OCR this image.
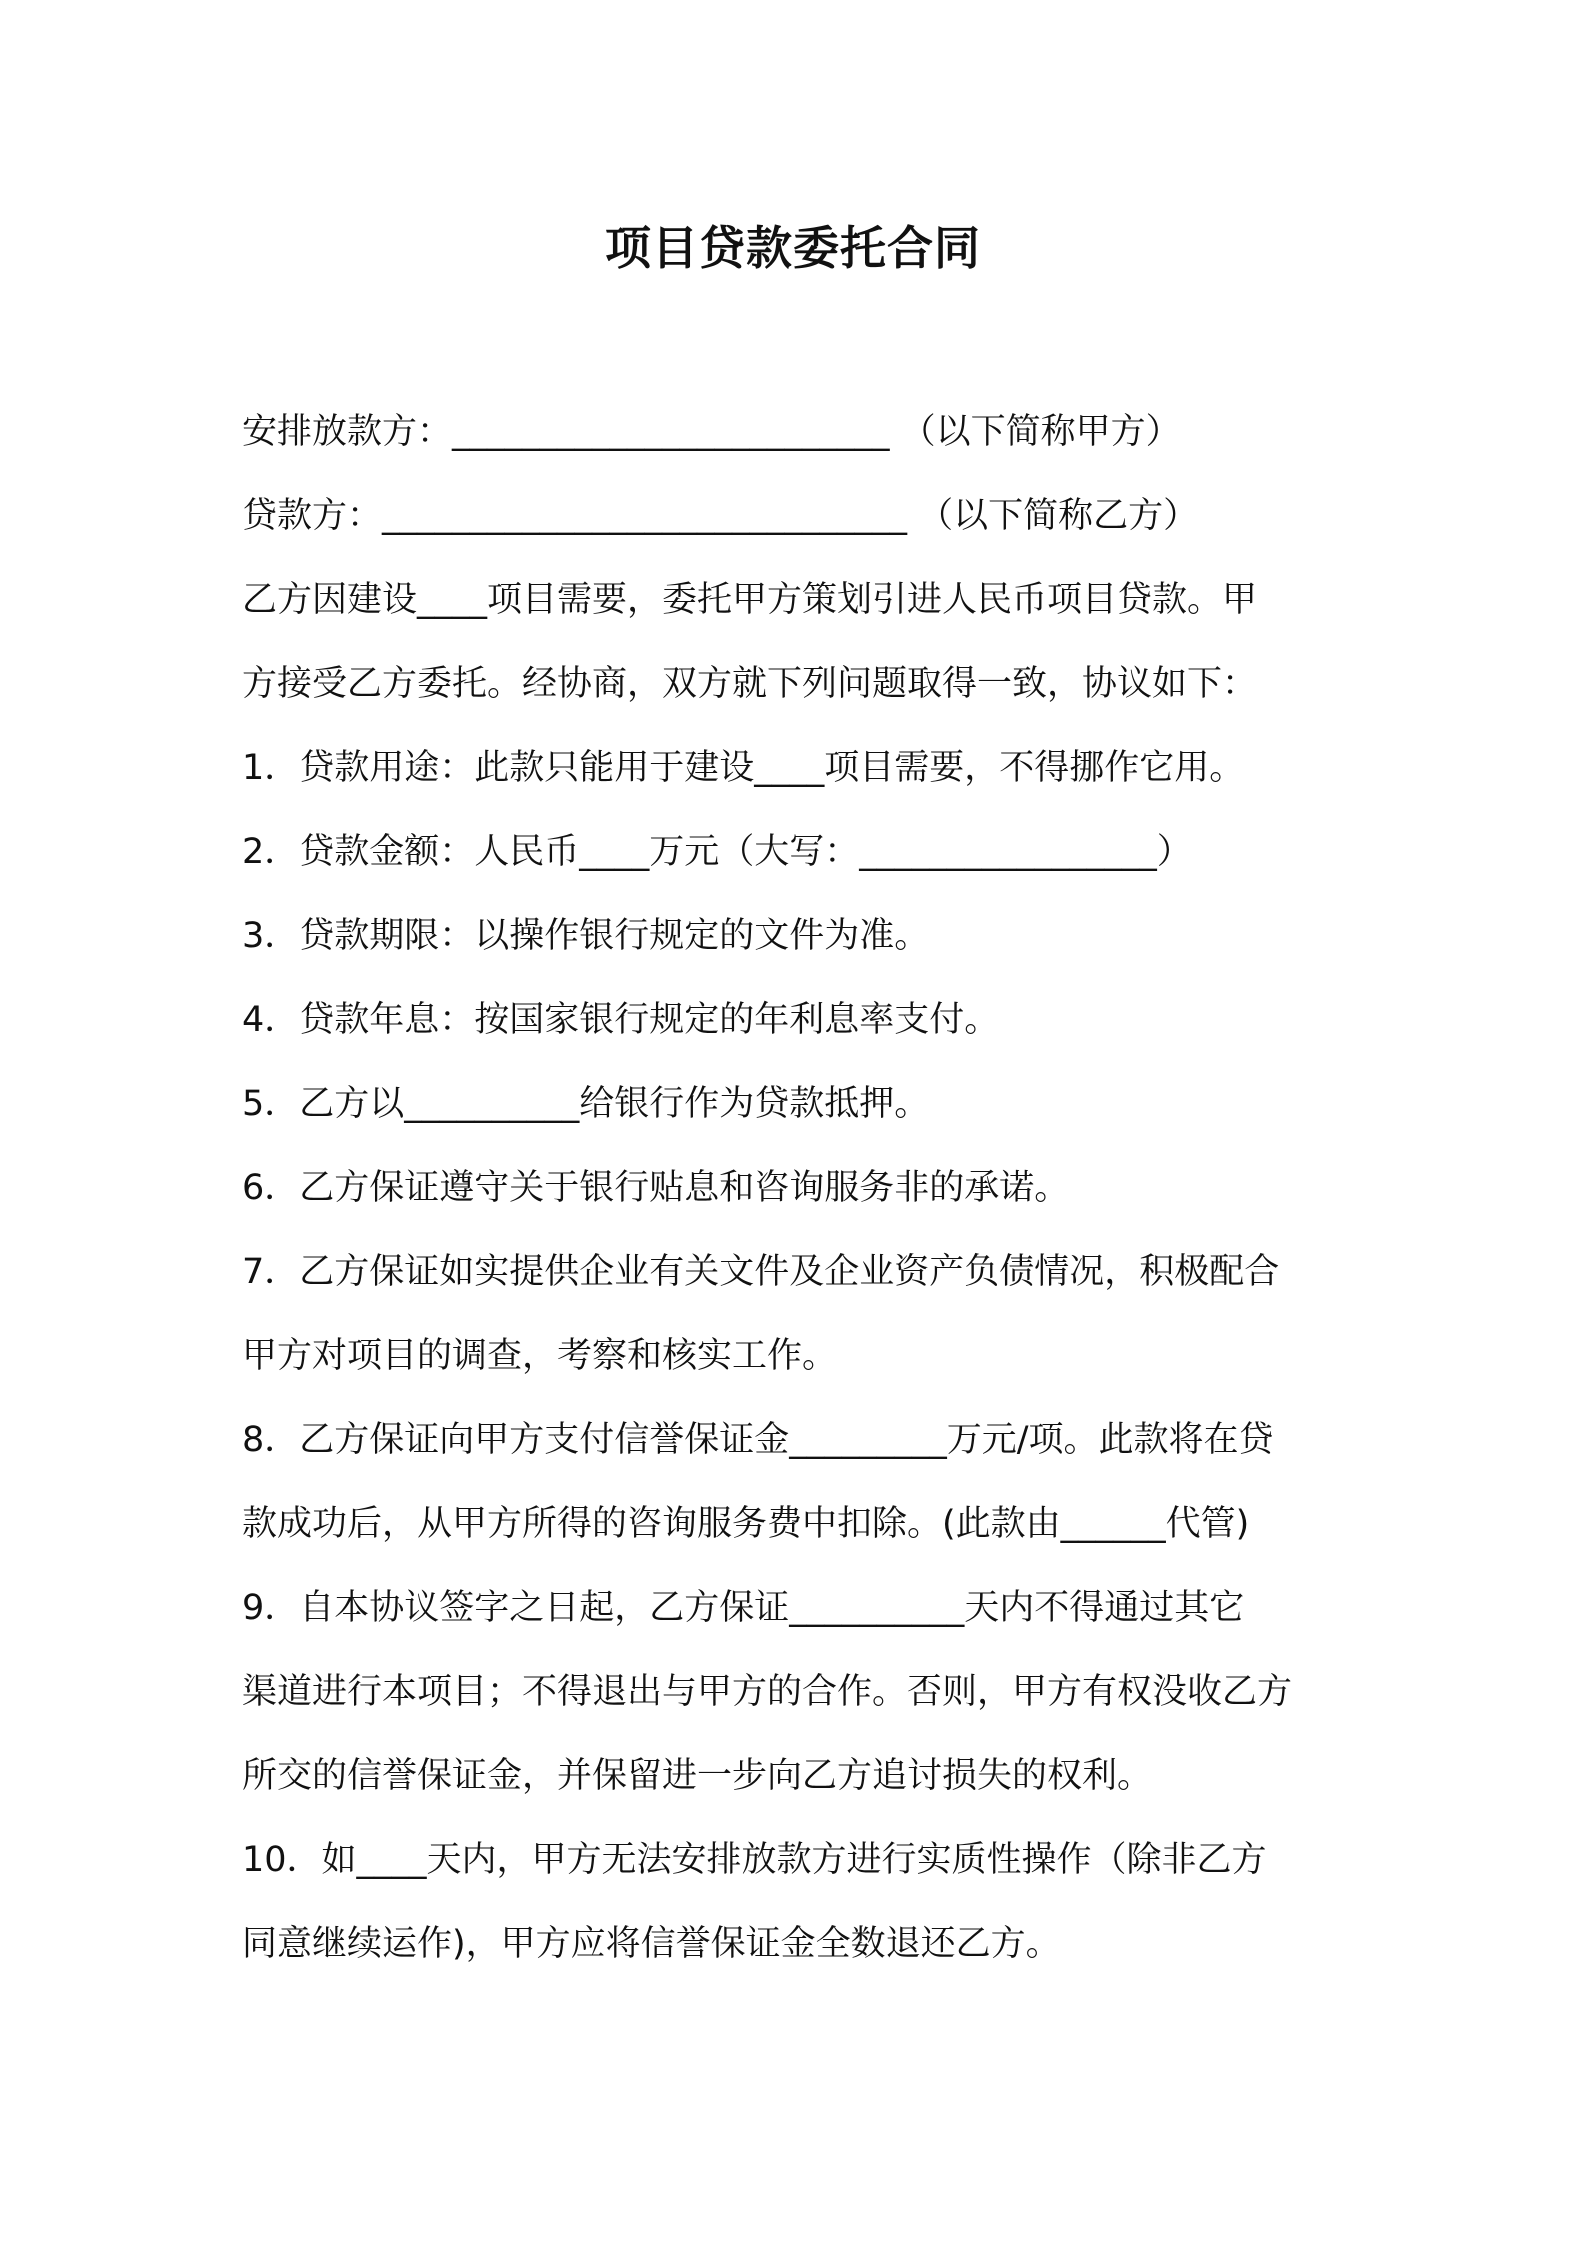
项目贷款委托合同
安排放款方：_________________________ （以下简称甲方）
贷款方：______________________________ （以下简称乙方）
乙方因建设____项目需要，委托甲方策划引进人民币项目贷款。甲
方接受乙方委托。经协商，双方就下列问题取得一致，协议如下：
1．贷款用途：此款只能用于建设____项目需要，不得挪作它用。
2．贷款金额：人民币____万元（大写：_________________）
3．贷款期限：以操作银行规定的文件为准。
4．贷款年息：按国家银行规定的年利息率支付。
5．乙方以__________给银行作为贷款抵押。
6．乙方保证遵守关于银行贴息和咨询服务非的承诺。
7．乙方保证如实提供企业有关文件及企业资产负债情况，积极配合
甲方对项目的调查，考察和核实工作。
8．乙方保证向甲方支付信誉保证金_________万元/项。此款将在贷
款成功后，从甲方所得的咨询服务费中扣除。(此款由______代管)
9．自本协议签字之日起，乙方保证__________天内不得通过其它
渠道进行本项目；不得退出与甲方的合作。否则，甲方有权没收乙方
所交的信誉保证金，并保留进一步向乙方追讨损失的权利。
10．如____天内，甲方无法安排放款方进行实质性操作（除非乙方
同意继续运作)，甲方应将信誉保证金全数退还乙方。
